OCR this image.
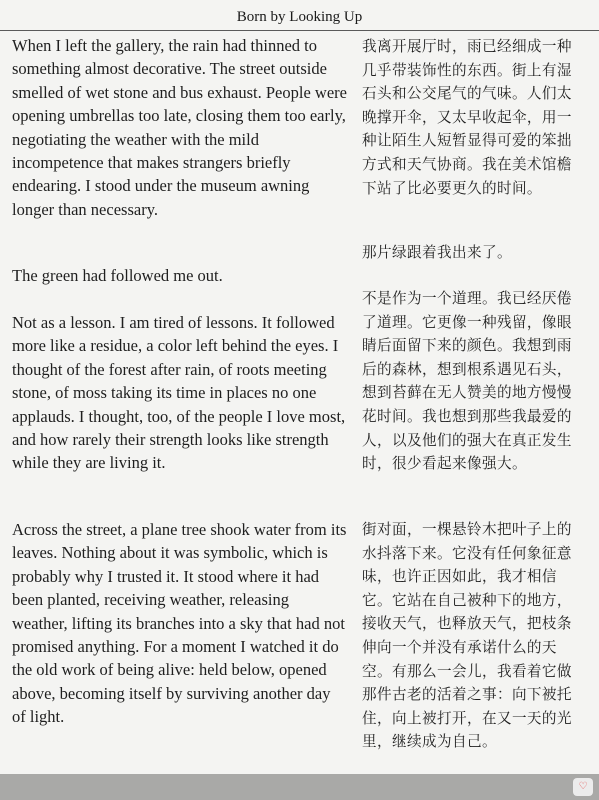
Born by Looking Up

When I left the gallery, the rain had thinned to something almost decorative. The street outside smelled of wet stone and bus exhaust. People were opening umbrellas too late, closing them too early, negotiating the weather with the mild incompetence that makes strangers briefly endearing. I stood under the museum awning longer than necessary.

The green had followed me out.

Not as a lesson. I am tired of lessons. It followed more like a residue, a color left behind the eyes. I thought of the forest after rain, of roots meeting stone, of moss taking its time in places no one applauds. I thought, too, of the people I love most, and how rarely their strength looks like strength while they are living it.

Across the street, a plane tree shook water from its leaves. Nothing about it was symbolic, which is probably why I trusted it. It stood where it had been planted, receiving weather, releasing weather, lifting its branches into a sky that had not promised anything. For a moment I watched it do the old work of being alive: held below, opened above, becoming itself by surviving another day of light.

我离开展厅时，雨已经细成一种几乎带装饰性的东西。街上有湿石头和公交尾气的气味。人们太晚撑开伞，又太早收起伞，用一种让陌生人短暂显得可爱的笨拙方式和天气协商。我在美术馆檐下站了比必要更久的时间。

那片绿跟着我出来了。

不是作为一个道理。我已经厌倦了道理。它更像一种残留，像眼睛后面留下来的颜色。我想到雨后的森林，想到根系遇见石头，想到苔藓在无人赞美的地方慢慢花时间。我也想到那些我最爱的人，以及他们的强大在真正发生时，很少看起来像强大。

街对面，一棵悬铃木把叶子上的水抖落下来。它没有任何象征意味，也许正因如此，我才相信它。它站在自己被种下的地方，接收天气，也释放天气，把枝条伸向一个并没有承诺什么的天空。有那么一会儿，我看着它做那件古老的活着之事：向下被托住，向上被打开，在又一天的光里，继续成为自己。

♡
